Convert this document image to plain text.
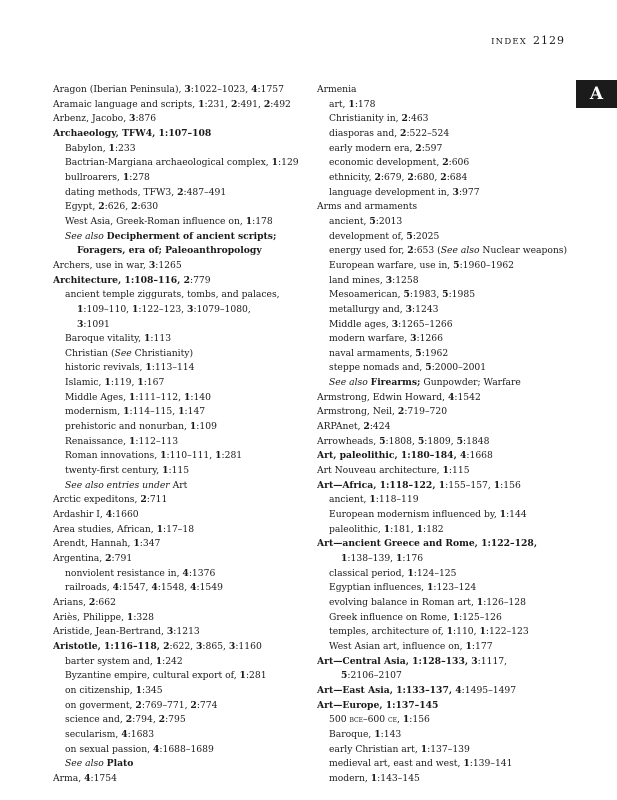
INDEX 2129
A
Aragon (Iberian Peninsula), 3:1022–1023, 4:1757
Aramaic language and scripts, 1:231, 2:491, 2:492
Arbenz, Jacobo, 3:876
Archaeology, TFW4, 1:107–108
Babylon, 1:233
Bactrian-Margiana archaeological complex, 1:129
bullroarers, 1:278
dating methods, TFW3, 2:487–491
Egypt, 2:626, 2:630
West Asia, Greek-Roman influence on, 1:178
See also Decipherment of ancient scripts;
Foragers, era of; Paleoanthropology
Archers, use in war, 3:1265
Architecture, 1:108–116, 2:779
ancient temple ziggurats, tombs, and palaces,
1:109–110, 1:122–123, 3:1079–1080,
3:1091
Baroque vitality, 1:113
Christian (See Christianity)
historic revivals, 1:113–114
Islamic, 1:119, 1:167
Middle Ages, 1:111–112, 1:140
modernism, 1:114–115, 1:147
prehistoric and nonurban, 1:109
Renaissance, 1:112–113
Roman innovations, 1:110–111, 1:281
twenty-first century, 1:115
See also entries under Art
Arctic expeditons, 2:711
Ardashir I, 4:1660
Area studies, African, 1:17–18
Arendt, Hannah, 1:347
Argentina, 2:791
nonviolent resistance in, 4:1376
railroads, 4:1547, 4:1548, 4:1549
Arians, 2:662
Ariès, Philippe, 1:328
Aristide, Jean-Bertrand, 3:1213
Aristotle, 1:116–118, 2:622, 3:865, 3:1160
barter system and, 1:242
Byzantine empire, cultural export of, 1:281
on citizenship, 1:345
on goverment, 2:769–771, 2:774
science and, 2:794, 2:795
secularism, 4:1683
on sexual passion, 4:1688–1689
See also Plato
Arma, 4:1754
Armenia
art, 1:178
Christianity in, 2:463
diasporas and, 2:522–524
early modern era, 2:597
economic development, 2:606
ethnicity, 2:679, 2:680, 2:684
language development in, 3:977
Arms and armaments
ancient, 5:2013
development of, 5:2025
energy used for, 2:653 (See also Nuclear weapons)
European warfare, use in, 5:1960–1962
land mines, 3:1258
Mesoamerican, 5:1983, 5:1985
metallurgy and, 3:1243
Middle ages, 3:1265–1266
modern warfare, 3:1266
naval armaments, 5:1962
steppe nomads and, 5:2000–2001
See also Firearms; Gunpowder; Warfare
Armstrong, Edwin Howard, 4:1542
Armstrong, Neil, 2:719–720
ARPAnet, 2:424
Arrowheads, 5:1808, 5:1809, 5:1848
Art, paleolithic, 1:180–184, 4:1668
Art Nouveau architecture, 1:115
Art—Africa, 1:118–122, 1:155–157, 1:156
ancient, 1:118–119
European modernism influenced by, 1:144
paleolithic, 1:181, 1:182
Art—ancient Greece and Rome, 1:122–128,
1:138–139, 1:176
classical period, 1:124–125
Egyptian influences, 1:123–124
evolving balance in Roman art, 1:126–128
Greek influence on Rome, 1:125–126
temples, architecture of, 1:110, 1:122–123
West Asian art, influence on, 1:177
Art—Central Asia, 1:128–133, 3:1117,
5:2106–2107
Art—East Asia, 1:133–137, 4:1495–1497
Art—Europe, 1:137–145
500 bce–600 ce, 1:156
Baroque, 1:143
early Christian art, 1:137–139
medieval art, east and west, 1:139–141
modern, 1:143–145
